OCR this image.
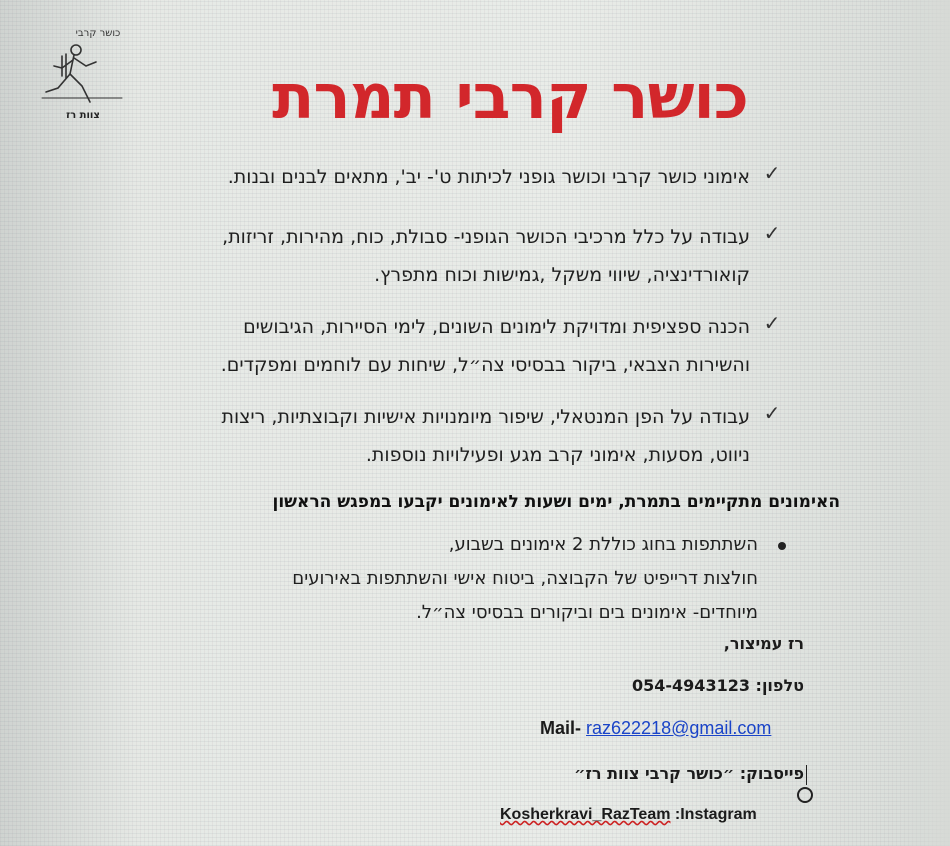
כושר קרבי
צוות רז	כושר קרבי תמרת
✓
אימוני כושר קרבי וכושר גופני לכיתות ט'- יב', מתאים לבנים ובנות.
✓
עבודה על כלל מרכיבי הכושר הגופני- סבולת, כוח, מהירות, זריזות,
קואורדינציה, שיווי משקל ,גמישות וכוח מתפרץ.
✓
הכנה ספציפית ומדויקת לימונים השונים, לימי הסיירות, הגיבושים
והשירות הצבאי, ביקור בבסיסי צה״ל, שיחות עם לוחמים ומפקדים.
✓
עבודה על הפן המנטאלי, שיפור מיומנויות אישיות וקבוצתיות, ריצות
ניווט, מסעות, אימוני קרב מגע ופעילויות נוספות.
האימונים מתקיימים בתמרת, ימים ושעות לאימונים יקבעו במפגש הראשון
השתתפות בחוג כוללת 2 אימונים בשבוע,
חולצות דרייפיט של הקבוצה, ביטוח אישי והשתתפות באירועים
מיוחדים- אימונים בים וביקורים בבסיסי צה״ל.
רז עמיצור,
טלפון: 054-4943123
Mail- raz622218@gmail.com
פייסבוק: ״כושר קרבי צוות רז״
Kosherkravi_RazTeam :Instagram
